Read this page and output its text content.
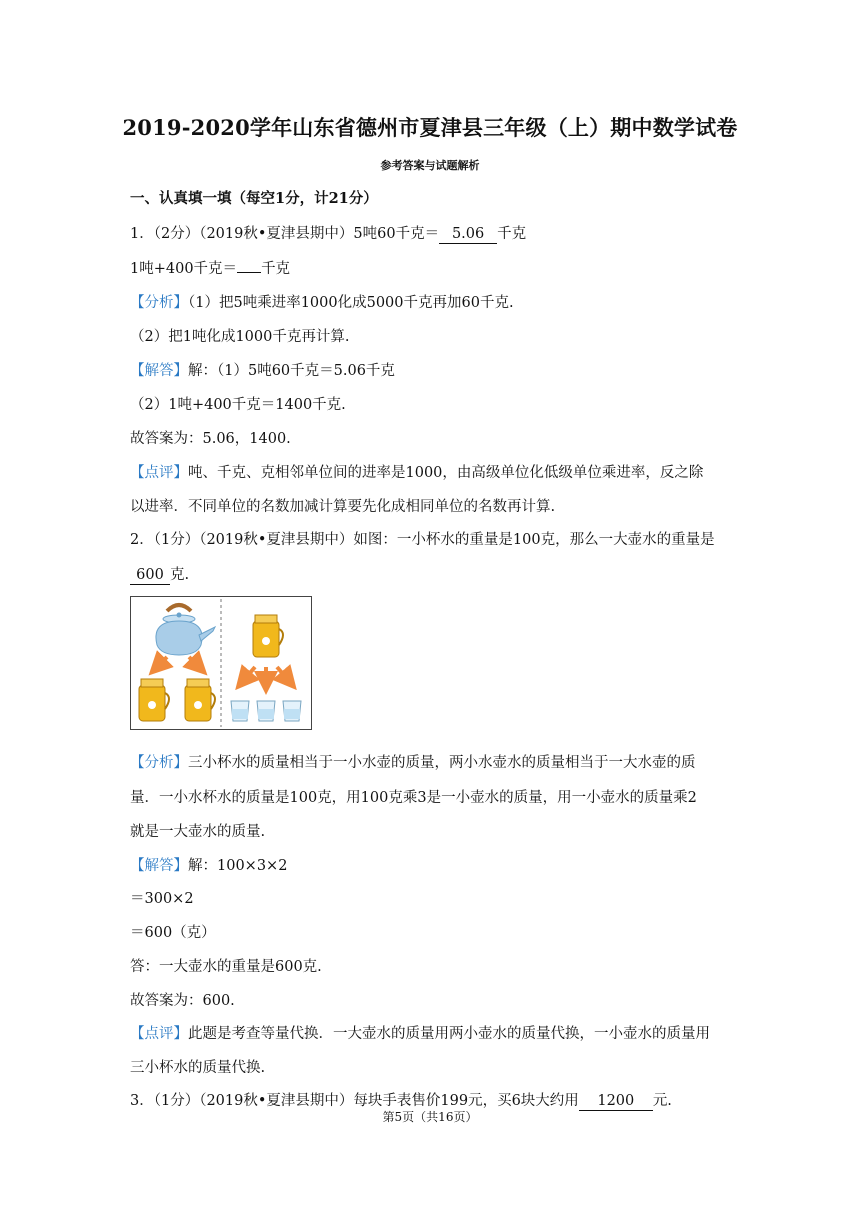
2019-2020学年山东省德州市夏津县三年级（上）期中数学试卷
参考答案与试题解析
一、认真填一填（每空1分，计21分）
1．（2分）（2019秋•夏津县期中）5吨60千克＝ 5.06 千克
1吨+400千克＝ 千克
【分析】（1）把5吨乘进率1000化成5000千克再加60千克.
（2）把1吨化成1000千克再计算.
【解答】解：（1）5吨60千克＝5.06千克
（2）1吨+400千克＝1400千克.
故答案为：5.06，1400.
【点评】吨、千克、克相邻单位间的进率是1000，由高级单位化低级单位乘进率，反之除
以进率．不同单位的名数加减计算要先化成相同单位的名数再计算.
2．（1分）（2019秋•夏津县期中）如图：一小杯水的重量是100克，那么一大壶水的重量是
600 克.
【分析】三小杯水的质量相当于一小水壶的质量，两小水壶水的质量相当于一大水壶的质
量．一小水杯水的质量是100克，用100克乘3是一小壶水的质量，用一小壶水的质量乘2
就是一大壶水的质量.
【解答】解：100×3×2
＝300×2
＝600（克）
答：一大壶水的重量是600克.
故答案为：600.
【点评】此题是考查等量代换．一大壶水的质量用两小壶水的质量代换，一小壶水的质量用
三小杯水的质量代换.
3．（1分）（2019秋•夏津县期中）每块手表售价199元，买6块大约用 1200 元.
第5页（共16页）
